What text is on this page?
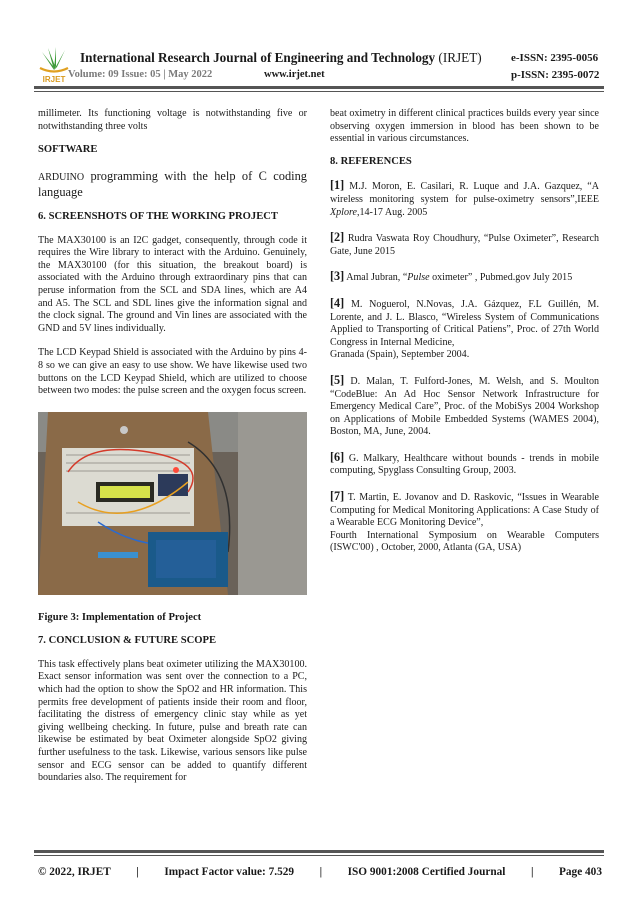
IRJET
International Research Journal of Engineering and Technology (IRJET)	e-ISSN: 2395-0056
Volume: 09 Issue: 05 | May 2022	www.irjet.net	p-ISSN: 2395-0072

millimeter. Its functioning voltage is notwithstanding five or notwithstanding three volts

SOFTWARE

ARDUINO programming with the help of C coding language

6. SCREENSHOTS OF THE WORKING PROJECT

The MAX30100 is an I2C gadget, consequently, through code it requires the Wire library to interact with the Arduino. Genuinely, the MAX30100 (for this situation, the breakout board) is associated with the Arduino through extraordinary pins that can peruse information from the SCL and SDA lines, which are A4 and A5. The SCL and SDL lines give the information signal and the clock signal. The ground and Vin lines are associated with the GND and 5V lines individually.

The LCD Keypad Shield is associated with the Arduino by pins 4-8 so we can give an easy to use show. We have likewise used two buttons on the LCD Keypad Shield, which are utilized to choose between two modes: the pulse screen and the oxygen focus screen.

Figure 3: Implementation of Project

7. CONCLUSION & FUTURE SCOPE

This task effectively plans beat oximeter utilizing the MAX30100. Exact sensor information was sent over the connection to a PC, which had the option to show the SpO2 and HR information. This permits free development of patients inside their room and floor, facilitating the distress of emergency clinic stay while as yet giving wellbeing checking. In future, pulse and breath rate can likewise be estimated by beat Oximeter alongside SpO2 giving further usefulness to the task. Likewise, various sensors like pulse sensor and ECG sensor can be added to quantify different boundaries also. The requirement for

beat oximetry in different clinical practices builds every year since observing oxygen immersion in blood has been shown to be essential in various circumstances.

8. REFERENCES

[1] M.J. Moron, E. Casilari, R. Luque and J.A. Gazquez, “A wireless monitoring system for pulse-oximetry sensors”,IEEE Xplore,14-17 Aug. 2005

[2] Rudra Vaswata Roy Choudhury, “Pulse Oximeter”, Research Gate, June 2015

[3] Amal Jubran, “Pulse oximeter” , Pubmed.gov July 2015

[4] M. Noguerol, N.Novas, J.A. Gázquez, F.L Guillén, M. Lorente, and J. L. Blasco, “Wireless System of Communications Applied to Transporting of Critical Patiens”, Proc. of 27th World Congress in Internal Medicine,

Granada (Spain), September 2004.

[5] D. Malan, T. Fulford-Jones, M. Welsh, and S. Moulton “CodeBlue: An Ad Hoc Sensor Network Infrastructure for Emergency Medical Care”, Proc. of the MobiSys 2004 Workshop on Applications of Mobile Embedded Systems (WAMES 2004), Boston, MA, June, 2004.

[6] G. Malkary, Healthcare without bounds - trends in mobile computing, Spyglass Consulting Group, 2003.

[7] T. Martin, E. Jovanov and D. Raskovic, “Issues in Wearable Computing for Medical Monitoring Applications: A Case Study of a Wearable ECG Monitoring Device”,

Fourth International Symposium on Wearable Computers (ISWC'00) , October, 2000, Atlanta (GA, USA)

© 2022, IRJET | Impact Factor value: 7.529 | ISO 9001:2008 Certified Journal | Page 403
